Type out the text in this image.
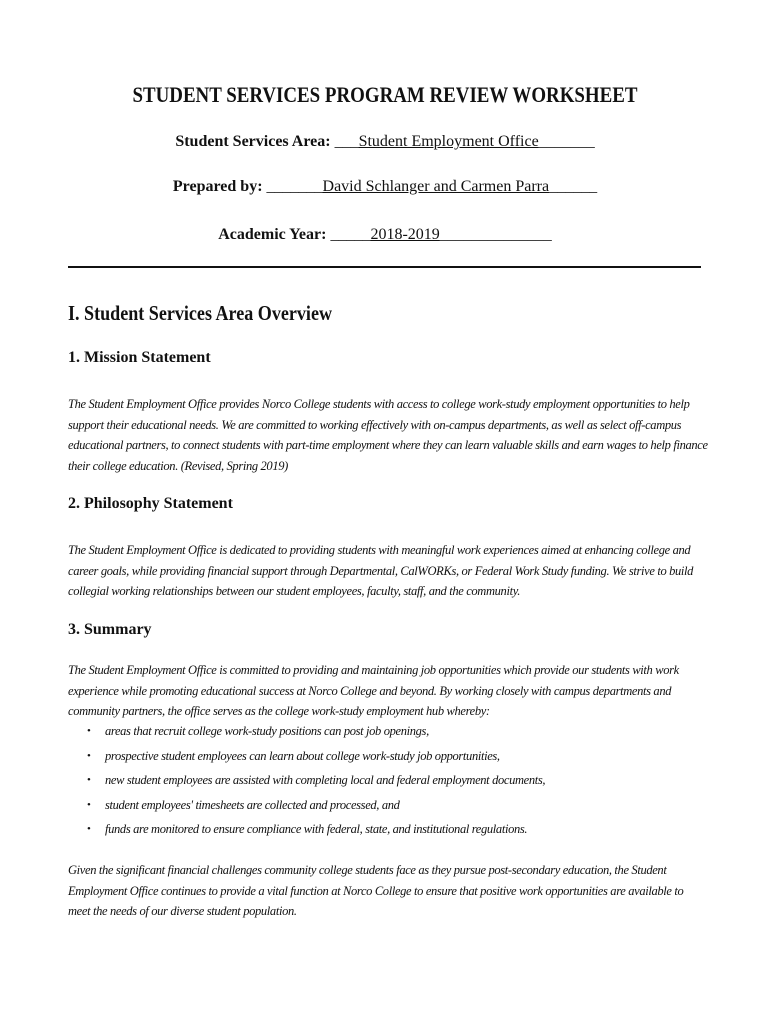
STUDENT SERVICES PROGRAM REVIEW WORKSHEET
Student Services Area: ___Student Employment Office_______
Prepared by: _______David Schlanger and Carmen Parra______
Academic Year: _____2018-2019______________
I. Student Services Area Overview
1. Mission Statement
The Student Employment Office provides Norco College students with access to college work-study employment opportunities to help support their educational needs. We are committed to working effectively with on-campus departments, as well as select off-campus educational partners, to connect students with part-time employment where they can learn valuable skills and earn wages to help finance their college education. (Revised, Spring 2019)
2. Philosophy Statement
The Student Employment Office is dedicated to providing students with meaningful work experiences aimed at enhancing college and career goals, while providing financial support through Departmental, CalWORKs, or Federal Work Study funding. We strive to build collegial working relationships between our student employees, faculty, staff, and the community.
3. Summary
The Student Employment Office is committed to providing and maintaining job opportunities which provide our students with work experience while promoting educational success at Norco College and beyond. By working closely with campus departments and community partners, the office serves as the college work-study employment hub whereby:
• areas that recruit college work-study positions can post job openings,
• prospective student employees can learn about college work-study job opportunities,
• new student employees are assisted with completing local and federal employment documents,
• student employees' timesheets are collected and processed, and
• funds are monitored to ensure compliance with federal, state, and institutional regulations.
Given the significant financial challenges community college students face as they pursue post-secondary education, the Student Employment Office continues to provide a vital function at Norco College to ensure that positive work opportunities are available to meet the needs of our diverse student population.
